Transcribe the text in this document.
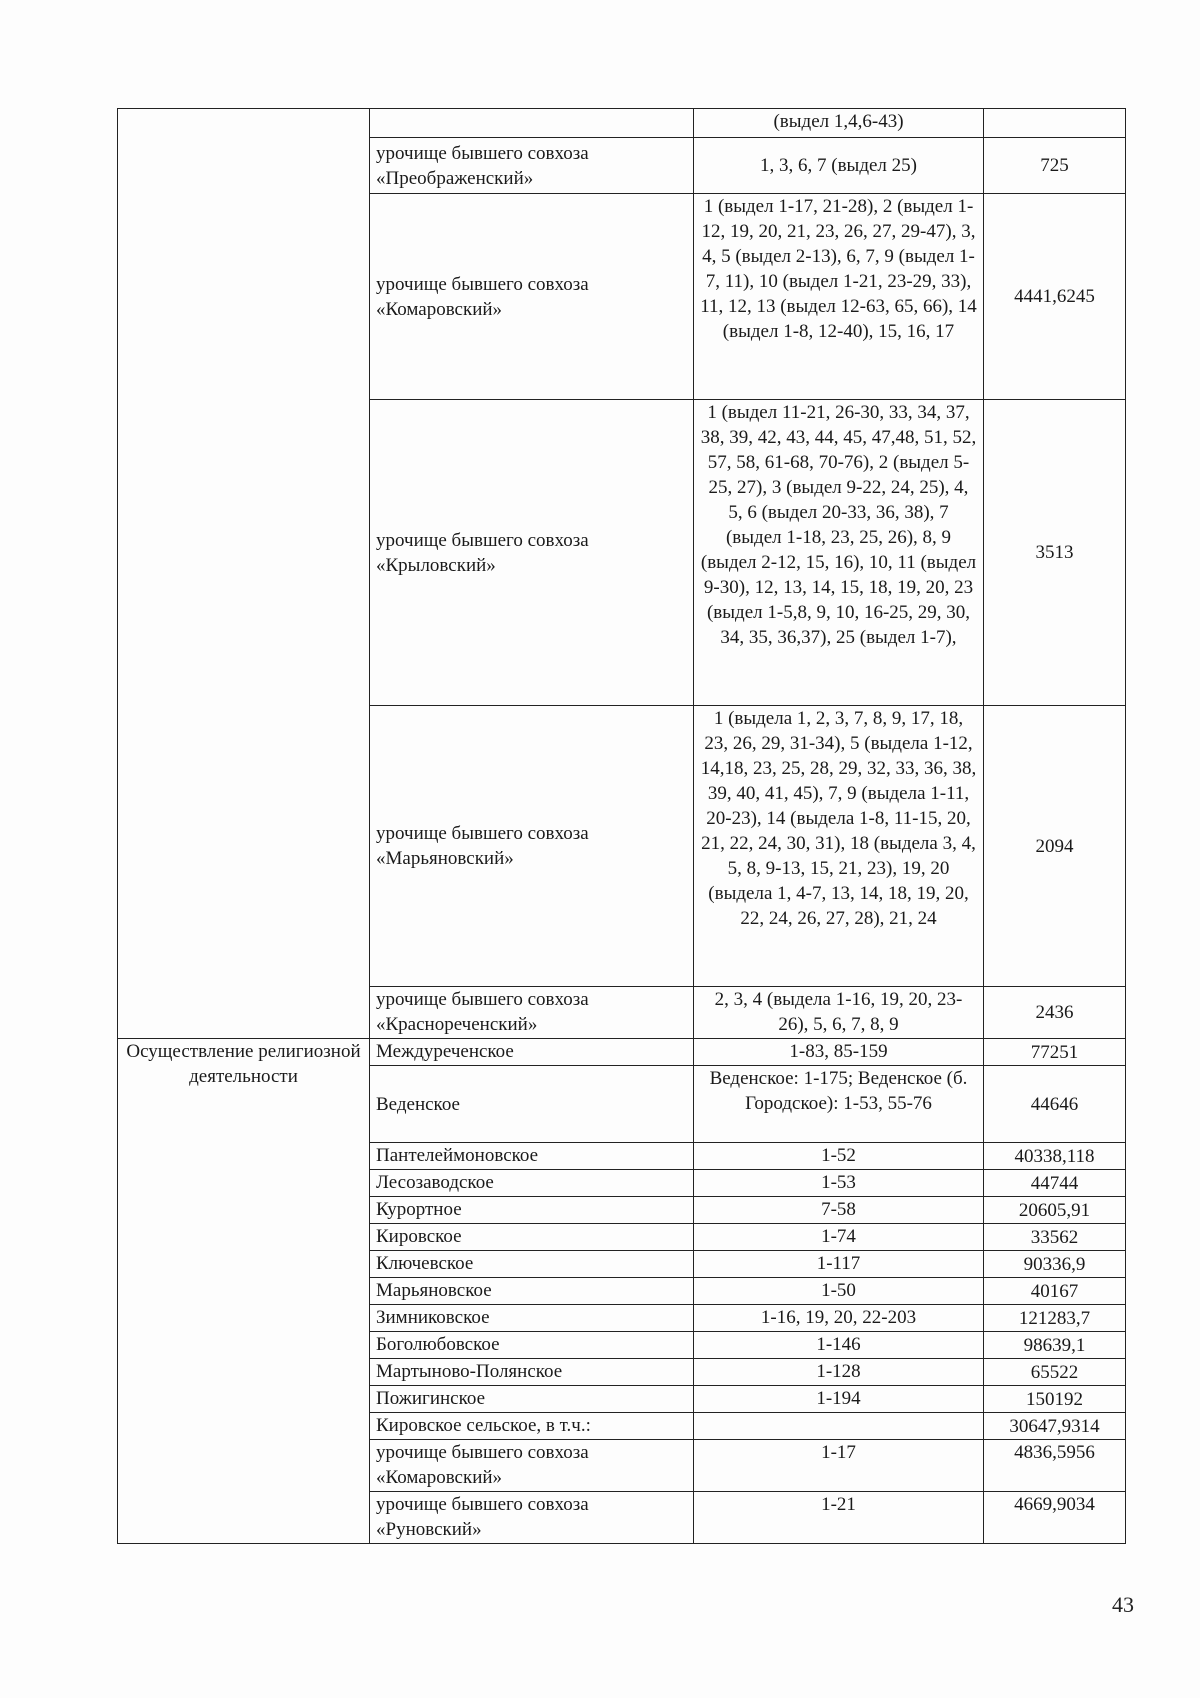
		(выдел 1,4,6-43)	
	урочище бывшего совхоза «Преображенский»	1, 3, 6, 7 (выдел 25)	725
	урочище бывшего совхоза «Комаровский»	1 (выдел 1-17, 21-28), 2 (выдел 1-12, 19, 20, 21, 23, 26, 27, 29-47), 3, 4, 5 (выдел 2-13), 6, 7, 9 (выдел 1-7, 11), 10 (выдел 1-21, 23-29, 33), 11, 12, 13 (выдел 12-63, 65, 66), 14 (выдел 1-8, 12-40), 15, 16, 17	4441,6245
	урочище бывшего совхоза «Крыловский»	1 (выдел 11-21, 26-30, 33, 34, 37, 38, 39, 42, 43, 44, 45, 47,48, 51, 52, 57, 58, 61-68, 70-76), 2 (выдел 5-25, 27), 3 (выдел 9-22, 24, 25), 4, 5, 6 (выдел 20-33, 36, 38), 7 (выдел 1-18, 23, 25, 26), 8, 9 (выдел 2-12, 15, 16), 10, 11 (выдел 9-30), 12, 13, 14, 15, 18, 19, 20, 23 (выдел 1-5,8, 9, 10, 16-25, 29, 30, 34, 35, 36,37), 25 (выдел 1-7),	3513
	урочище бывшего совхоза «Марьяновский»	1 (выдела 1, 2, 3, 7, 8, 9, 17, 18, 23, 26, 29, 31-34), 5 (выдела 1-12, 14,18, 23, 25, 28, 29, 32, 33, 36, 38, 39, 40, 41, 45), 7, 9 (выдела 1-11, 20-23), 14 (выдела 1-8, 11-15, 20, 21, 22, 24, 30, 31), 18 (выдела 3, 4, 5, 8, 9-13, 15, 21, 23), 19, 20 (выдела 1, 4-7, 13, 14, 18, 19, 20, 22, 24, 26, 27, 28), 21, 24	2094
	урочище бывшего совхоза «Краснореченский»	2, 3, 4 (выдела 1-16, 19, 20, 23-26), 5, 6, 7, 8, 9	2436
Осуществление религиозной деятельности	Междуреченское	1-83, 85-159	77251
	Веденское	Веденское: 1-175; Веденское (б. Городское): 1-53, 55-76	44646
	Пантелеймоновское	1-52	40338,118
	Лесозаводское	1-53	44744
	Курортное	7-58	20605,91
	Кировское	1-74	33562
	Ключевское	1-117	90336,9
	Марьяновское	1-50	40167
	Зимниковское	1-16, 19, 20, 22-203	121283,7
	Боголюбовское	1-146	98639,1
	Мартыново-Полянское	1-128	65522
	Пожигинское	1-194	150192
	Кировское сельское, в т.ч.:		30647,9314
	урочище бывшего совхоза «Комаровский»	1-17	4836,5956
	урочище бывшего совхоза «Руновский»	1-21	4669,9034
43
